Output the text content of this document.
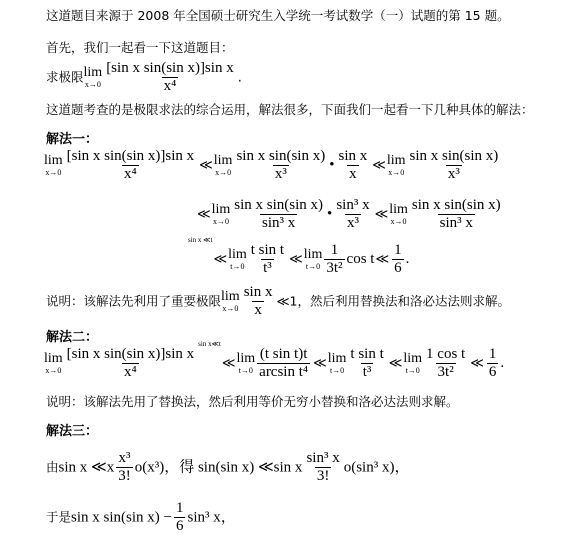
这道题目来源于 2008 年全国硕士研究生入学统一考试数学（一）试题的第 15 题。
首先，我们一起看一下这道题目：
求极限 lim
$x\to 0 \frac{\text{[sin x sin(sin x)]sin x}}{\text{x⁴}}$ .
这道题考查的是极限求法的综合运用，解法很多，下面我们一起看一下几种具体的解法：
解法一：
lim
$x\to 0 \frac{\text{[sin x sin(sin x)]sin x}}{\text{x⁴}}$ ≪ lim
$x\to 0 \frac{\text{sin x sin(sin x)}}{\text{x³}}$ • $\frac{\text{sin x}}{x}$ ≪ lim
$x\to 0 \frac{\text{sin x sin(sin x)}}{\text{x³}}$
≪ lim
$x\to 0 \frac{\text{sin x sin(sin x)}}{\text{sin³ x}}$ • $\frac{\text{sin³ x}}{\text{x³}}$ ≪ lim
$x\to 0 \frac{\text{sin x sin(sin x)}}{\text{sin³ x}}$
$^{sin x ≪t}$≪ lim
$t\to 0 \frac{\text{t sin t}}{\text{t³}}$ ≪ lim
$t\to 0 \frac{1}{\text{3t²}}$ cos t≪ $\frac{1}{6}$ .
说明：该解法先利用了重要极限 lim
$x\to 0 \frac{\text{sin x}}{x}$ ≪1，然后利用替换法和洛必达法则求解。
解法二：
lim
$x\to 0 \frac{\text{[sin x sin(sin x)]sin x}}{\text{x⁴}}$
$^{sin x≪t}$≪ lim
$t\to 0 \frac{\text{(t sin t)t}}{\text{arcsin t⁴}}$ ≪ lim
$t\to 0 \frac{\text{t sin t}}{\text{t³}}$ ≪ lim
$t\to 0 \frac{\text{1 cos t}}{\text{3t²}}$ ≪ $\frac{1}{6}$ .
说明：该解法先用了替换法，然后利用等价无穷小替换和洛必达法则求解。
解法三：
由sin x ≪x $\frac{\text{x³}}{3!} o(x^3)$，得 sin(sin x) ≪sin x $\frac{\text{sin³ x}}{3!} o(\sin^3$ x)，
于是sin x sin(sin $x) - \frac{1}{6} \sin^3$ x，
